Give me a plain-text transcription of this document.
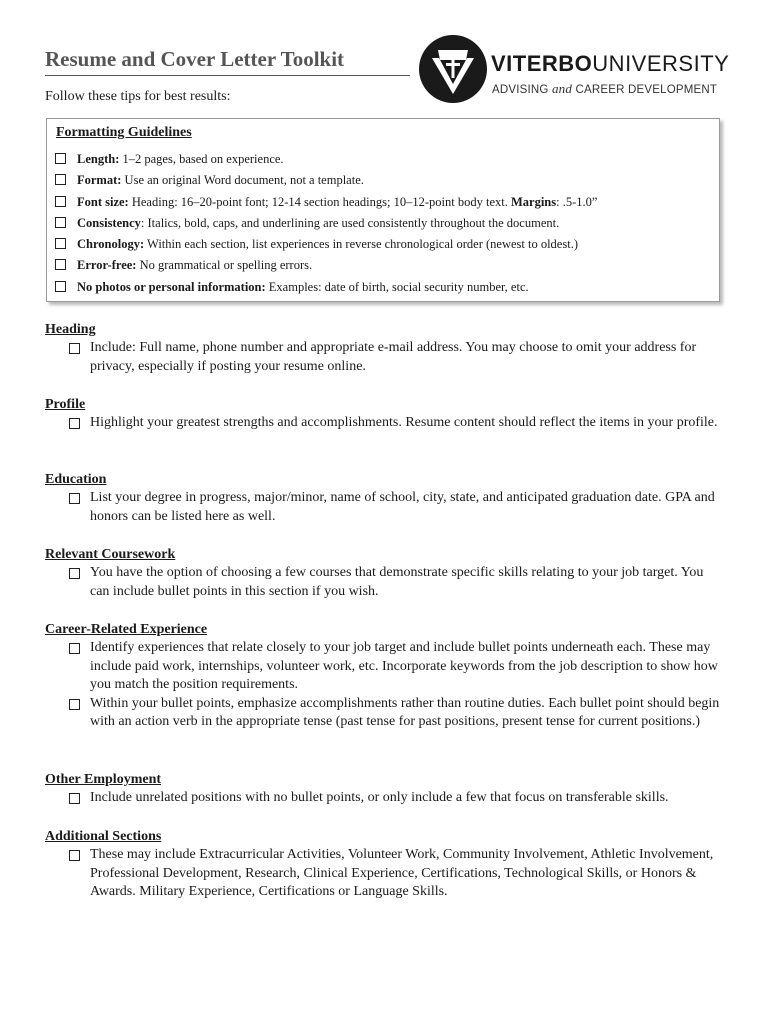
Resume and Cover Letter Toolkit
Follow these tips for best results:
VITERBOUNIVERSITY
ADVISING and CAREER DEVELOPMENT
Formatting Guidelines
Length: 1–2 pages, based on experience.
Format: Use an original Word document, not a template.
Font size: Heading: 16–20-point font; 12-14 section headings; 10–12-point body text. Margins: .5-1.0”
Consistency: Italics, bold, caps, and underlining are used consistently throughout the document.
Chronology: Within each section, list experiences in reverse chronological order (newest to oldest.)
Error-free: No grammatical or spelling errors.
No photos or personal information: Examples: date of birth, social security number, etc.
Heading
Include: Full name, phone number and appropriate e-mail address. You may choose to omit your address for privacy, especially if posting your resume online.
Profile
Highlight your greatest strengths and accomplishments. Resume content should reflect the items in your profile.
Education
List your degree in progress, major/minor, name of school, city, state, and anticipated graduation date. GPA and honors can be listed here as well.
Relevant Coursework
You have the option of choosing a few courses that demonstrate specific skills relating to your job target. You can include bullet points in this section if you wish.
Career-Related Experience
Identify experiences that relate closely to your job target and include bullet points underneath each. These may include paid work, internships, volunteer work, etc. Incorporate keywords from the job description to show how you match the position requirements.
Within your bullet points, emphasize accomplishments rather than routine duties. Each bullet point should begin with an action verb in the appropriate tense (past tense for past positions, present tense for current positions.)
Other Employment
Include unrelated positions with no bullet points, or only include a few that focus on transferable skills.
Additional Sections
These may include Extracurricular Activities, Volunteer Work, Community Involvement, Athletic Involvement, Professional Development, Research, Clinical Experience, Certifications, Technological Skills, or Honors & Awards. Military Experience, Certifications or Language Skills.
